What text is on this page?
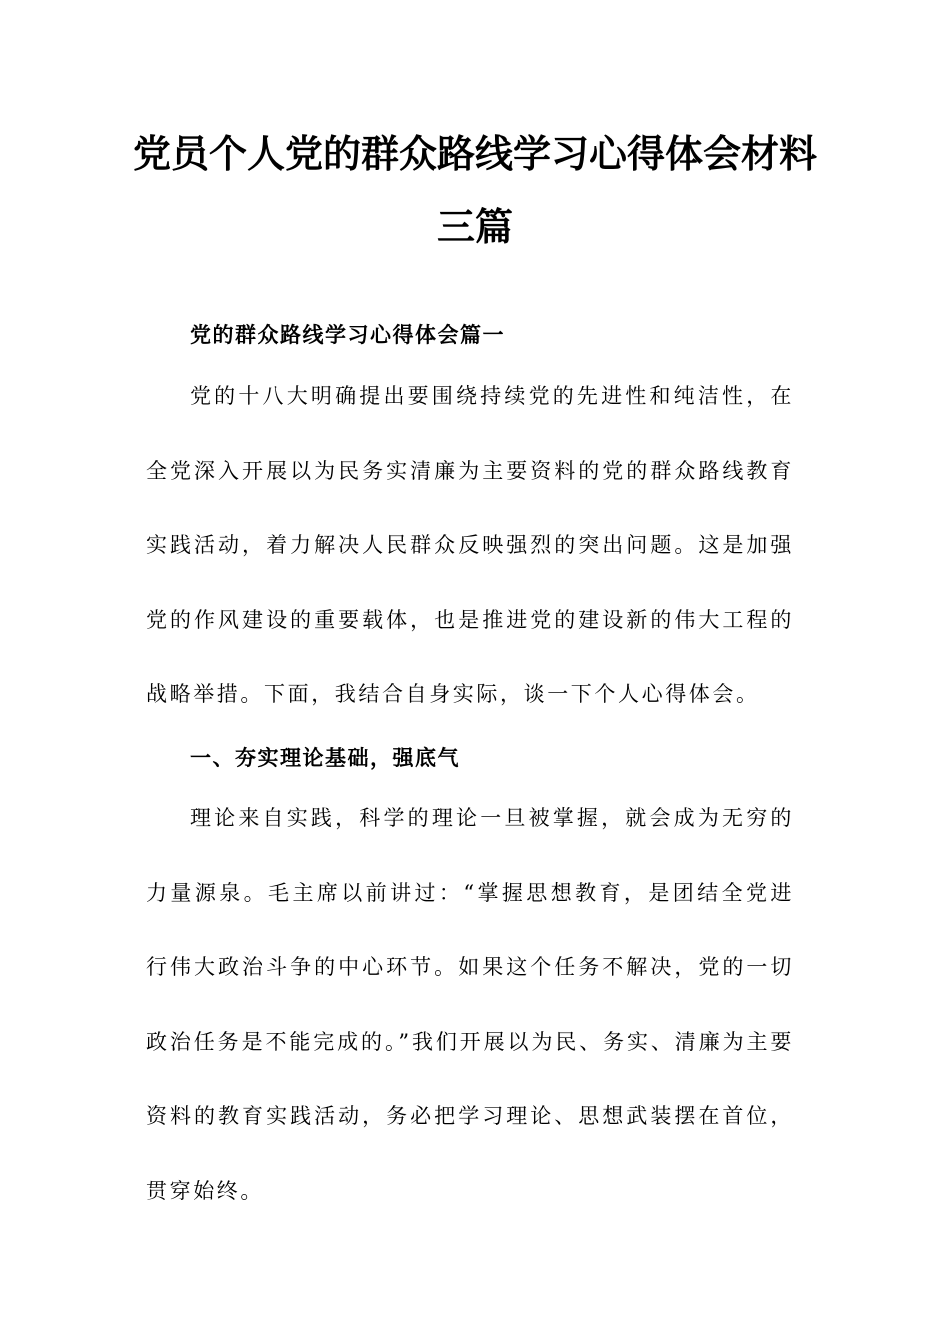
党员个人党的群众路线学习心得体会材料
三篇
党的群众路线学习心得体会篇一
党的十八大明确提出要围绕持续党的先进性和纯洁性，在全党深入开展以为民务实清廉为主要资料的党的群众路线教育实践活动，着力解决人民群众反映强烈的突出问题。这是加强党的作风建设的重要载体，也是推进党的建设新的伟大工程的战略举措。下面，我结合自身实际，谈一下个人心得体会。
一、夯实理论基础，强底气
理论来自实践，科学的理论一旦被掌握，就会成为无穷的力量源泉。毛主席以前讲过：“掌握思想教育，是团结全党进行伟大政治斗争的中心环节。如果这个任务不解决，党的一切政治任务是不能完成的。”我们开展以为民、务实、清廉为主要资料的教育实践活动，务必把学习理论、思想武装摆在首位，贯穿始终。
